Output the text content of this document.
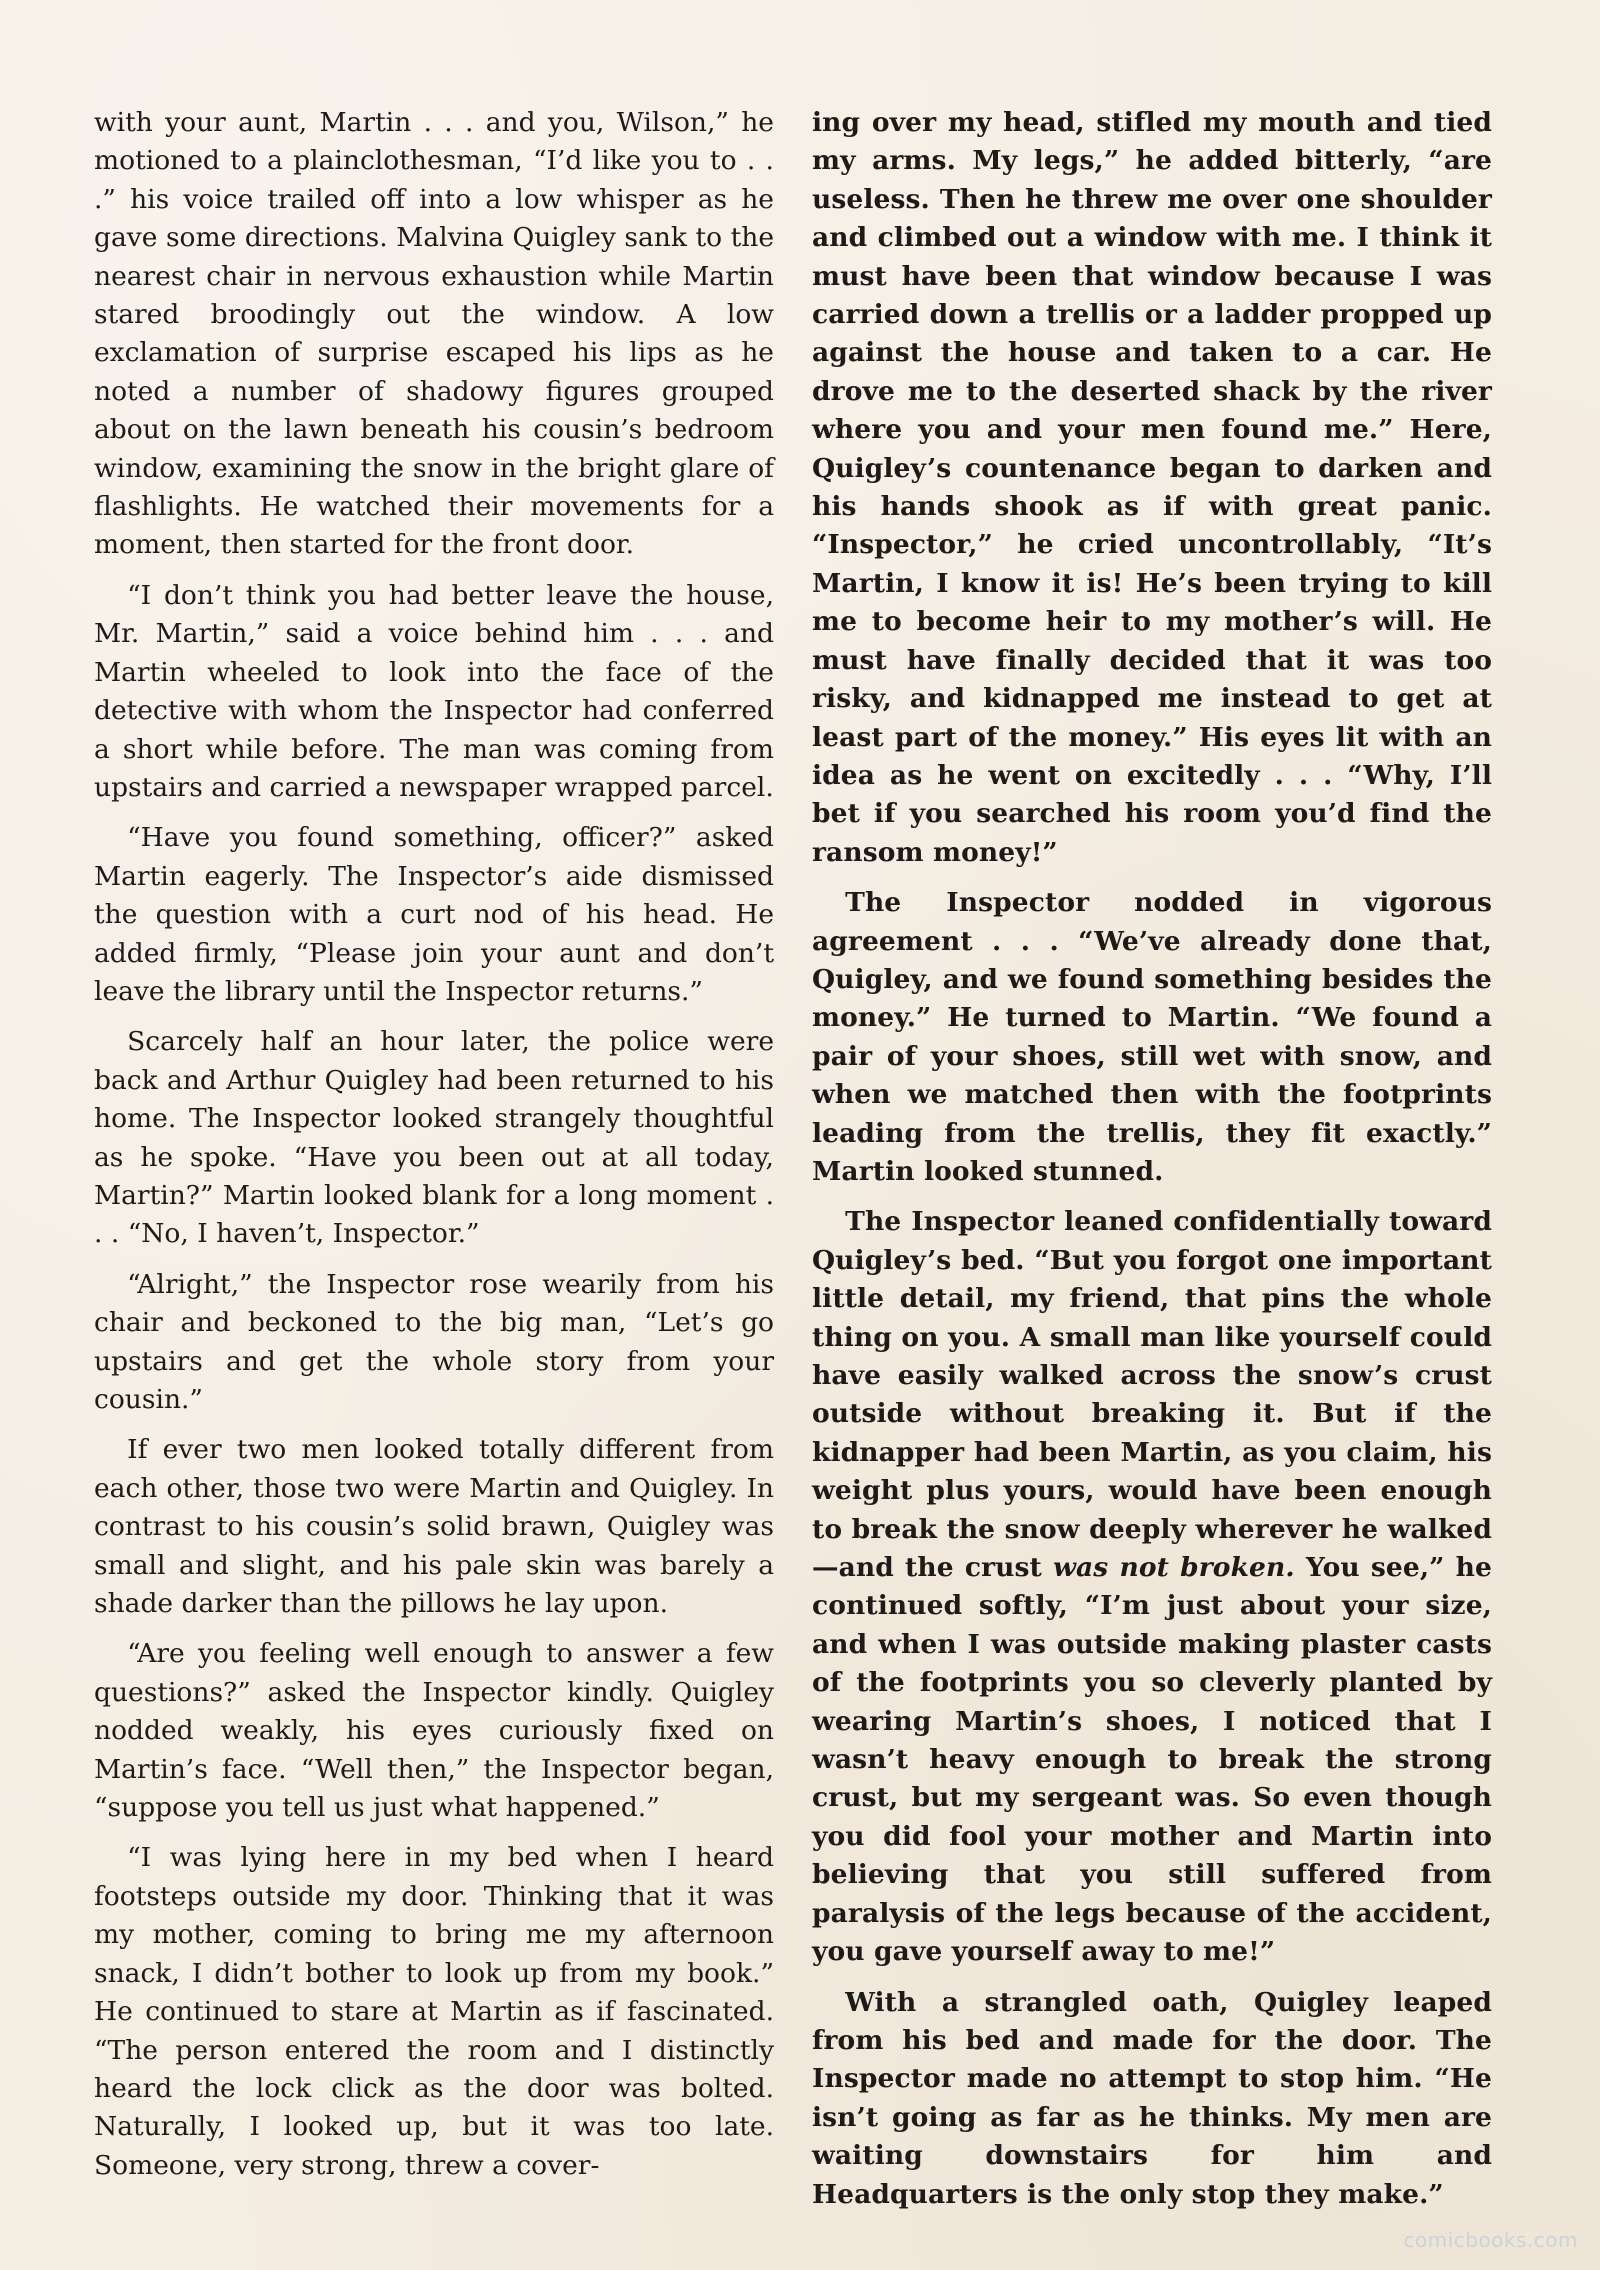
with your aunt, Martin . . . and you, Wilson,” he motioned to a plainclothesman, “I’d like you to . . .” his voice trailed off into a low whisper as he gave some directions. Malvina Quigley sank to the nearest chair in nervous exhaustion while Martin stared broodingly out the window. A low exclamation of surprise escaped his lips as he noted a number of shadowy figures grouped about on the lawn beneath his cousin’s bedroom window, examining the snow in the bright glare of flashlights. He watched their movements for a moment, then started for the front door.

“I don’t think you had better leave the house, Mr. Martin,” said a voice behind him . . . and Martin wheeled to look into the face of the detective with whom the Inspector had conferred a short while before. The man was coming from upstairs and carried a newspaper wrapped parcel.

“Have you found something, officer?” asked Martin eagerly. The Inspector’s aide dismissed the question with a curt nod of his head. He added firmly, “Please join your aunt and don’t leave the library until the Inspector returns.”

Scarcely half an hour later, the police were back and Arthur Quigley had been returned to his home. The Inspector looked strangely thoughtful as he spoke. “Have you been out at all today, Martin?” Martin looked blank for a long moment . . . “No, I haven’t, Inspector.”

“Alright,” the Inspector rose wearily from his chair and beckoned to the big man, “Let’s go upstairs and get the whole story from your cousin.”

If ever two men looked totally different from each other, those two were Martin and Quigley. In contrast to his cousin’s solid brawn, Quigley was small and slight, and his pale skin was barely a shade darker than the pillows he lay upon.

“Are you feeling well enough to answer a few questions?” asked the Inspector kindly. Quigley nodded weakly, his eyes curiously fixed on Martin’s face. “Well then,” the Inspector began, “suppose you tell us just what happened.”

“I was lying here in my bed when I heard footsteps outside my door. Thinking that it was my mother, coming to bring me my afternoon snack, I didn’t bother to look up from my book.” He continued to stare at Martin as if fascinated. “The person entered the room and I distinctly heard the lock click as the door was bolted. Naturally, I looked up, but it was too late. Someone, very strong, threw a cover-

ing over my head, stifled my mouth and tied my arms. My legs,” he added bitterly, “are useless. Then he threw me over one shoulder and climbed out a window with me. I think it must have been that window because I was carried down a trellis or a ladder propped up against the house and taken to a car. He drove me to the deserted shack by the river where you and your men found me.” Here, Quigley’s countenance began to darken and his hands shook as if with great panic. “Inspector,” he cried uncontrollably, “It’s Martin, I know it is! He’s been trying to kill me to become heir to my mother’s will. He must have finally decided that it was too risky, and kidnapped me instead to get at least part of the money.” His eyes lit with an idea as he went on excitedly . . . “Why, I’ll bet if you searched his room you’d find the ransom money!”

The Inspector nodded in vigorous agreement . . . “We’ve already done that, Quigley, and we found something besides the money.” He turned to Martin. “We found a pair of your shoes, still wet with snow, and when we matched then with the footprints leading from the trellis, they fit exactly.” Martin looked stunned.

The Inspector leaned confidentially toward Quigley’s bed. “But you forgot one important little detail, my friend, that pins the whole thing on you. A small man like yourself could have easily walked across the snow’s crust outside without breaking it. But if the kidnapper had been Martin, as you claim, his weight plus yours, would have been enough to break the snow deeply wherever he walked —and the crust was not broken. You see,” he continued softly, “I’m just about your size, and when I was outside making plaster casts of the footprints you so cleverly planted by wearing Martin’s shoes, I noticed that I wasn’t heavy enough to break the strong crust, but my sergeant was. So even though you did fool your mother and Martin into believing that you still suffered from paralysis of the legs because of the accident, you gave yourself away to me!”

With a strangled oath, Quigley leaped from his bed and made for the door. The Inspector made no attempt to stop him. “He isn’t going as far as he thinks. My men are waiting downstairs for him and Headquarters is the only stop they make.”

comicbooks.com
